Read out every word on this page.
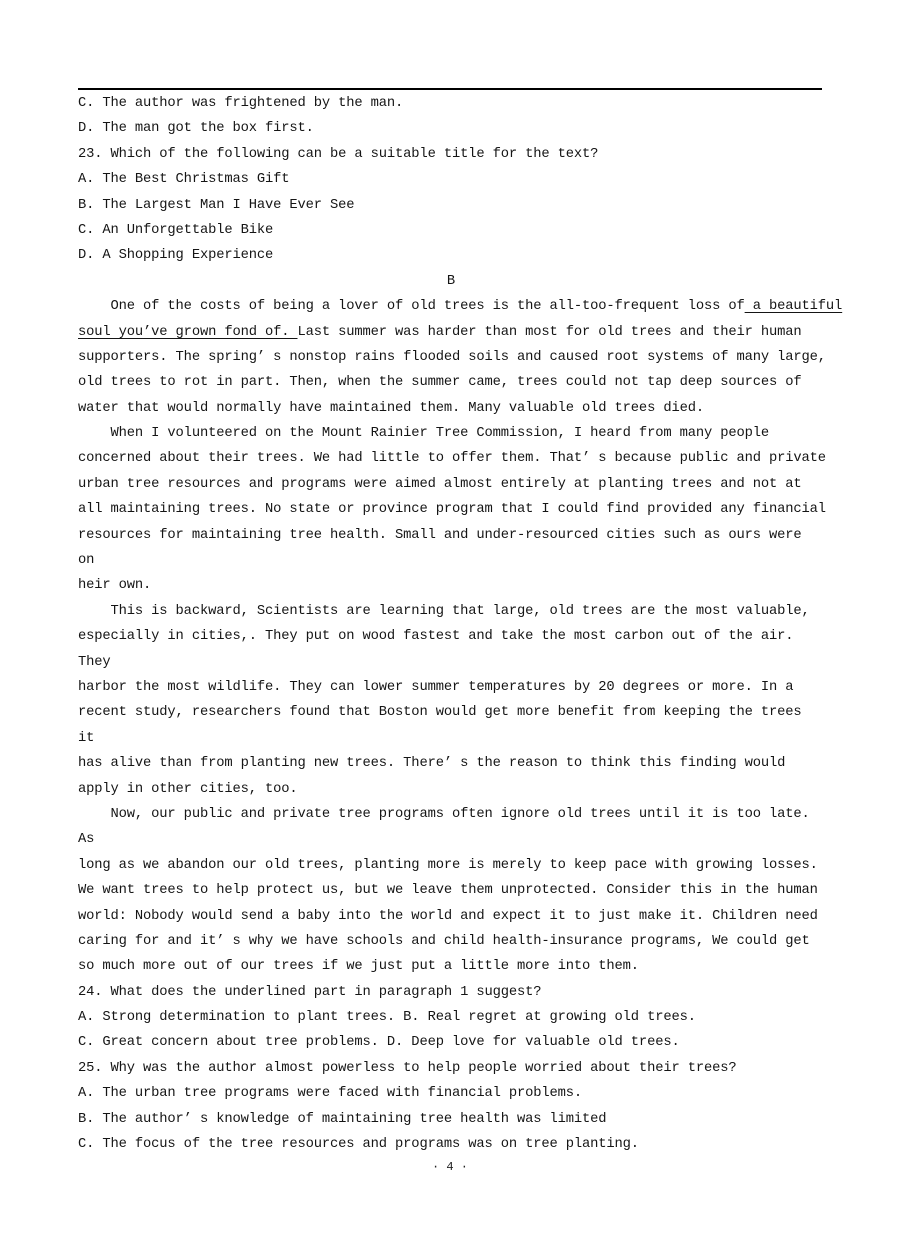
C. The author was frightened by the man.
D. The man got the box first.
23. Which of the following can be a suitable title for the text?
A. The Best Christmas Gift
B. The Largest Man I Have Ever See
C. An Unforgettable Bike
D. A Shopping Experience
B
One of the costs of being a lover of old trees is the all-too-frequent loss of a beautiful
soul you’ve grown fond of. Last summer was harder than most for old trees and their human
supporters. The spring’ s nonstop rains flooded soils and caused root systems of many large,
old trees to rot in part. Then, when the summer came, trees could not tap deep sources of
water that would normally have maintained them. Many valuable old trees died.
When I volunteered on the Mount Rainier Tree Commission, I heard from many people
concerned about their trees. We had little to offer them. That’ s because public and private
urban tree resources and programs were aimed almost entirely at planting trees and not at
all maintaining trees. No state or province program that I could find provided any financial
resources for maintaining tree health. Small and under-resourced cities such as ours were
on
heir own.
This is backward, Scientists are learning that large, old trees are the most valuable,
especially in cities,. They put on wood fastest and take the most carbon out of the air.
They
harbor the most wildlife. They can lower summer temperatures by 20 degrees or more. In a
recent study, researchers found that Boston would get more benefit from keeping the trees
it
has alive than from planting new trees. There’ s the reason to think this finding would
apply in other cities, too.
Now, our public and private tree programs often ignore old trees until it is too late.
As
long as we abandon our old trees, planting more is merely to keep pace with growing losses.
We want trees to help protect us, but we leave them unprotected. Consider this in the human
world: Nobody would send a baby into the world and expect it to just make it. Children need
caring for and it’ s why we have schools and child health-insurance programs, We could get
so much more out of our trees if we just put a little more into them.
24. What does the underlined part in paragraph 1 suggest?
A. Strong determination to plant trees. B. Real regret at growing old trees.
C. Great concern about tree problems. D. Deep love for valuable old trees.
25. Why was the author almost powerless to help people worried about their trees?
A. The urban tree programs were faced with financial problems.
B. The author’ s knowledge of maintaining tree health was limited
C. The focus of the tree resources and programs was on tree planting.
· 4 ·
